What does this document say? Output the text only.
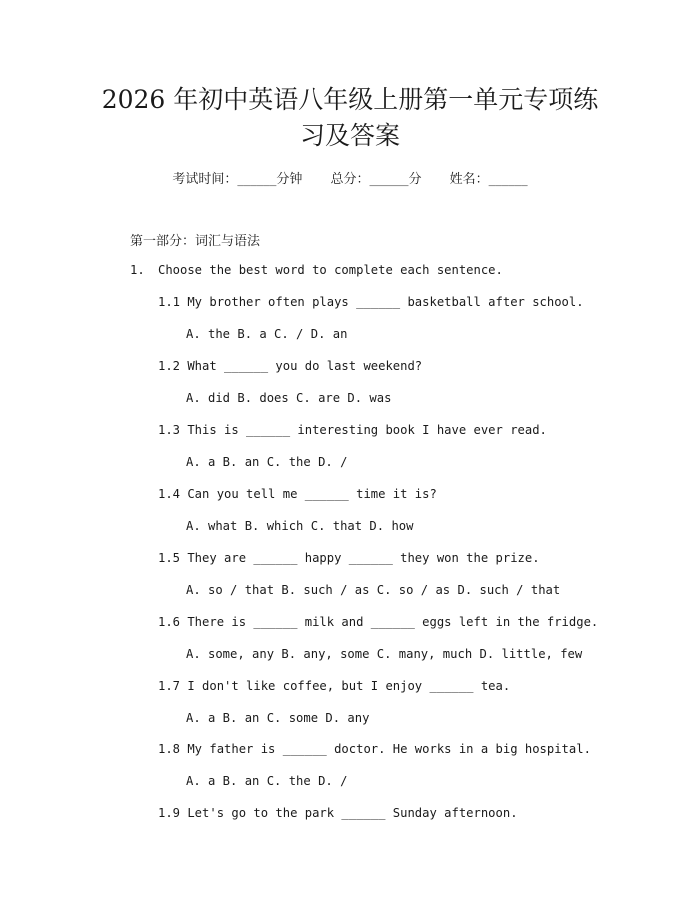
2026 年初中英语八年级上册第一单元专项练
习及答案
考试时间：______分钟 总分：______分 姓名：______
第一部分：词汇与语法
1. Choose the best word to complete each sentence.
1.1 My brother often plays ______ basketball after school.
A. the B. a C. / D. an
1.2 What ______ you do last weekend?
A. did B. does C. are D. was
1.3 This is ______ interesting book I have ever read.
A. a B. an C. the D. /
1.4 Can you tell me ______ time it is?
A. what B. which C. that D. how
1.5 They are ______ happy ______ they won the prize.
A. so / that B. such / as C. so / as D. such / that
1.6 There is ______ milk and ______ eggs left in the fridge.
A. some, any B. any, some C. many, much D. little, few
1.7 I don't like coffee, but I enjoy ______ tea.
A. a B. an C. some D. any
1.8 My father is ______ doctor. He works in a big hospital.
A. a B. an C. the D. /
1.9 Let's go to the park ______ Sunday afternoon.
